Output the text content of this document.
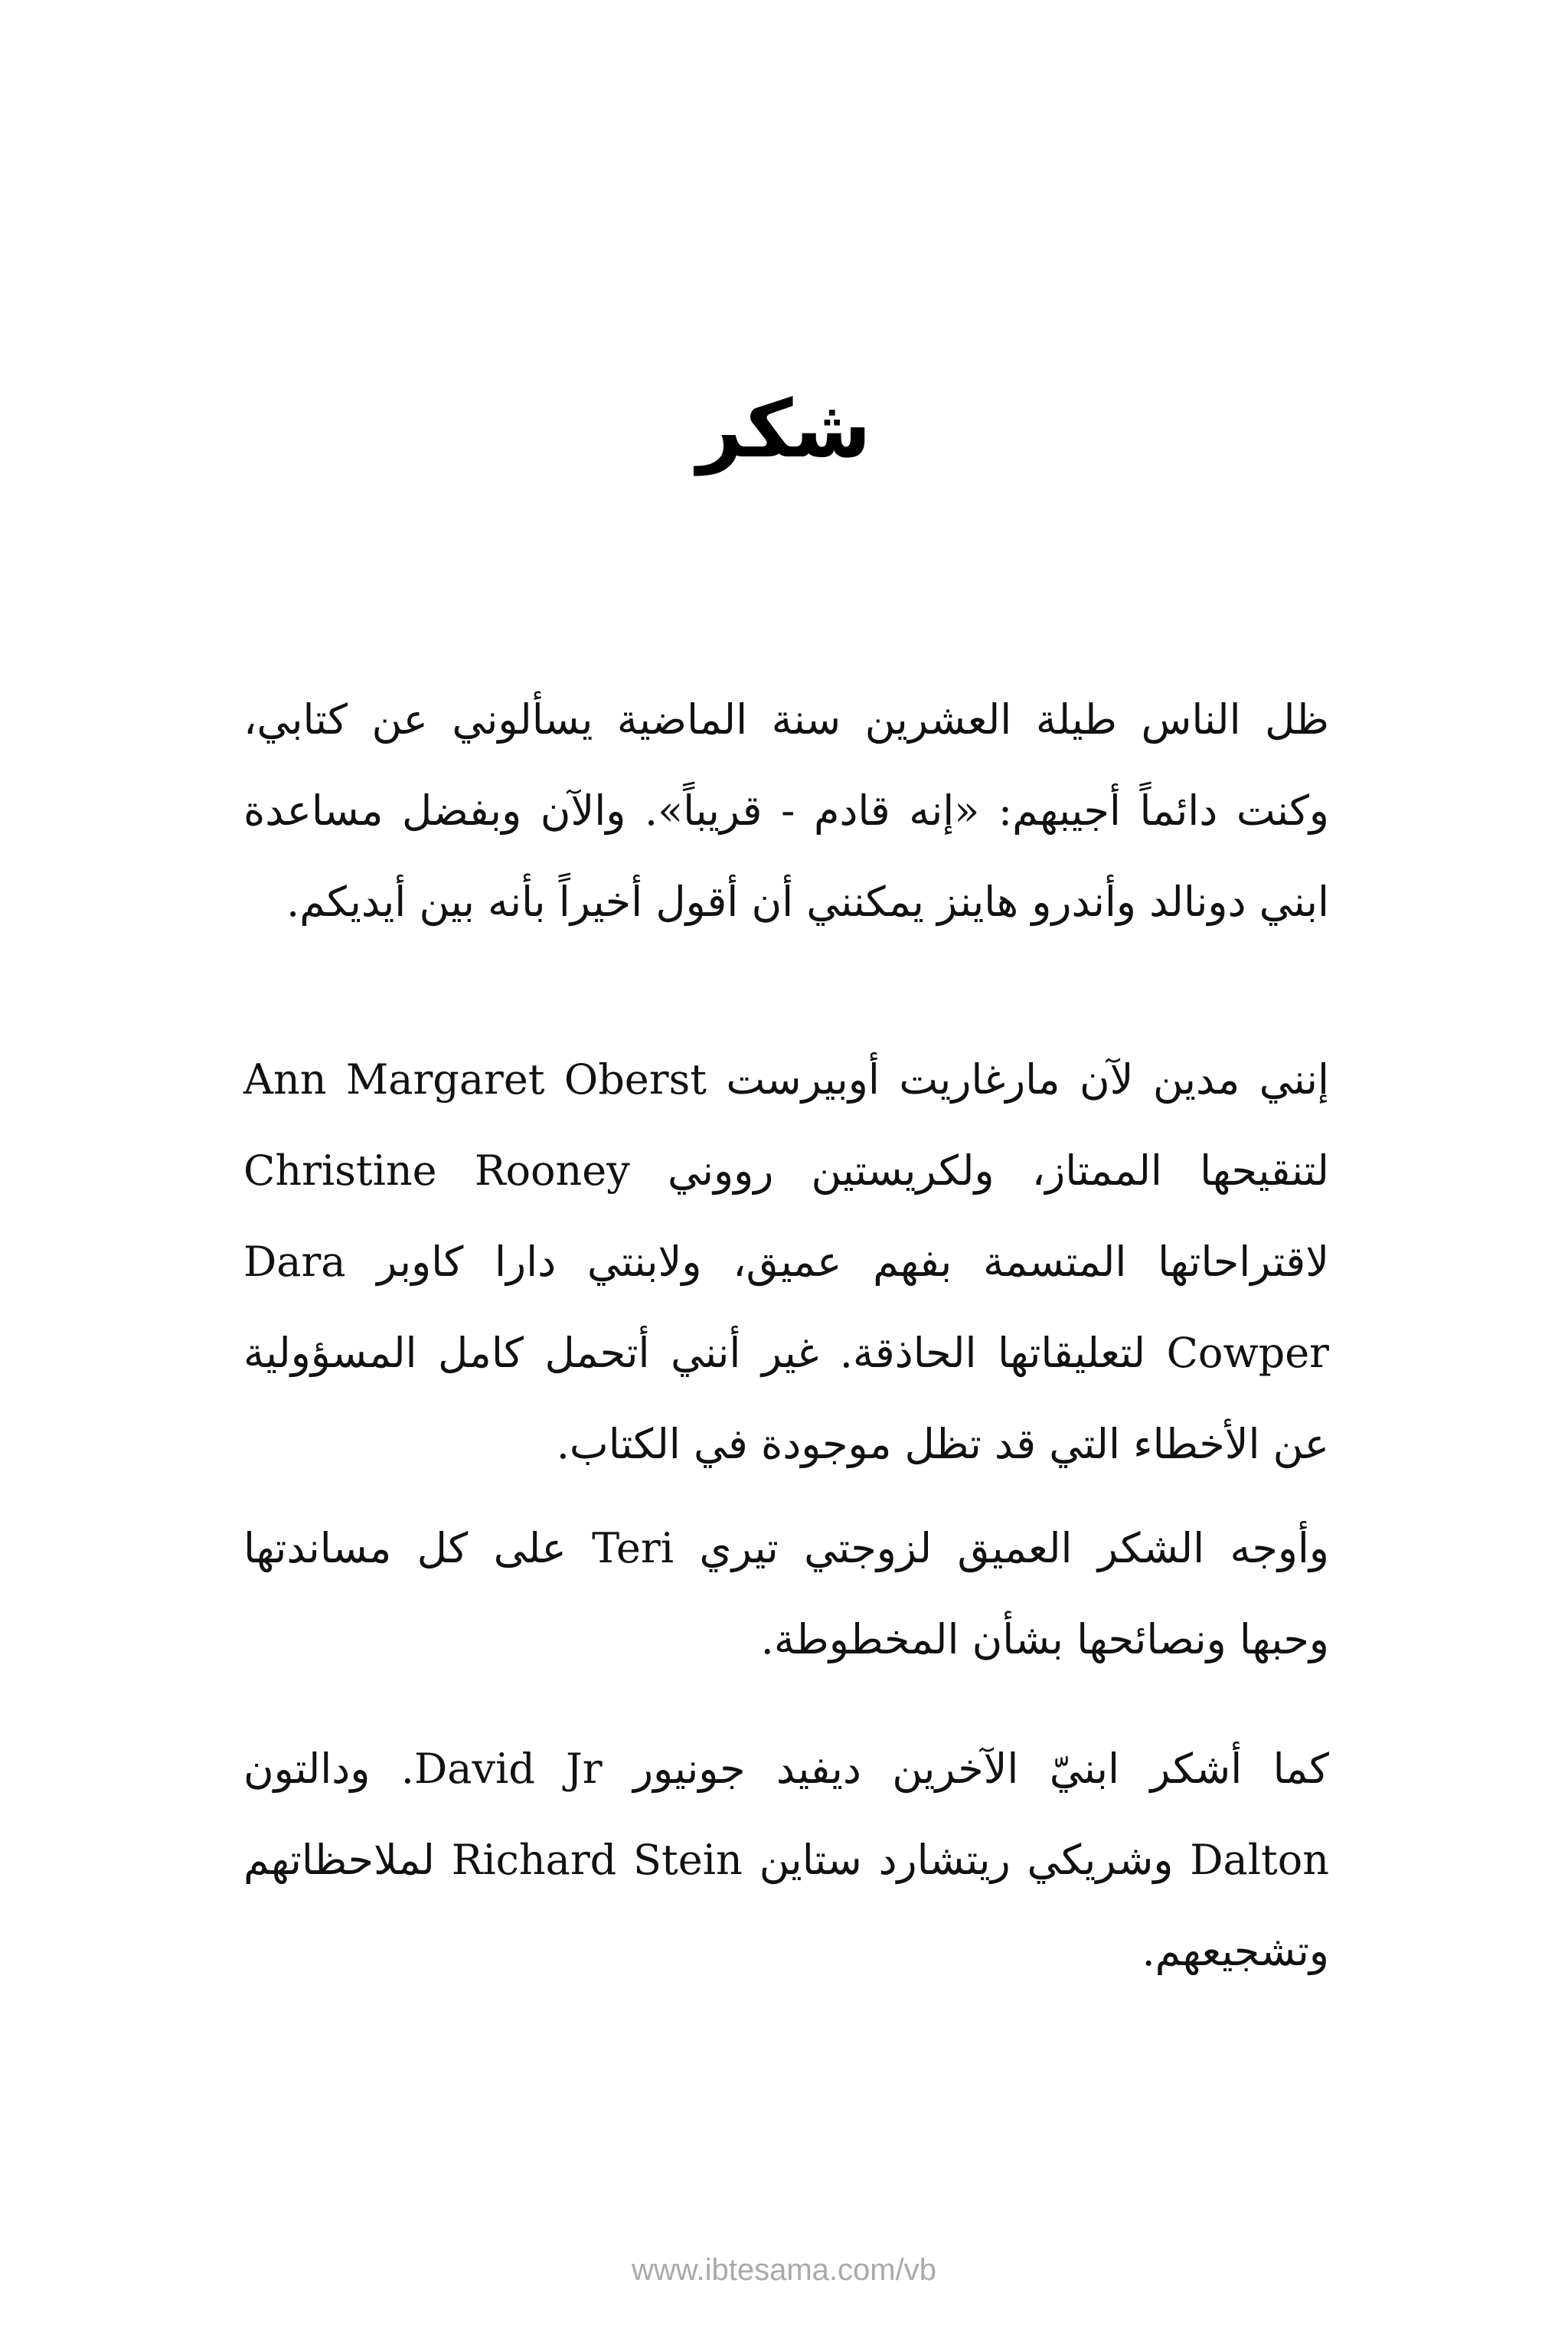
شكر

ظل الناس طيلة العشرين سنة الماضية يسألوني عن كتابي، وكنت دائماً أجيبهم: «إنه قادم - قريباً». والآن وبفضل مساعدة ابني دونالد وأندرو هاينز يمكنني أن أقول أخيراً بأنه بين أيديكم.

إنني مدين لآن مارغاريت أوبيرست Ann Margaret Oberst لتنقيحها الممتاز، ولكريستين رووني Christine Rooney لاقتراحاتها المتسمة بفهم عميق، ولابنتي دارا كاوبر Dara Cowper لتعليقاتها الحاذقة. غير أنني أتحمل كامل المسؤولية عن الأخطاء التي قد تظل موجودة في الكتاب.

وأوجه الشكر العميق لزوجتي تيري Teri على كل مساندتها وحبها ونصائحها بشأن المخطوطة.

كما أشكر ابنيّ الآخرين ديفيد جونيور David Jr. ودالتون Dalton وشريكي ريتشارد ستاين Richard Stein لملاحظاتهم وتشجيعهم.

www.ibtesama.com/vb
